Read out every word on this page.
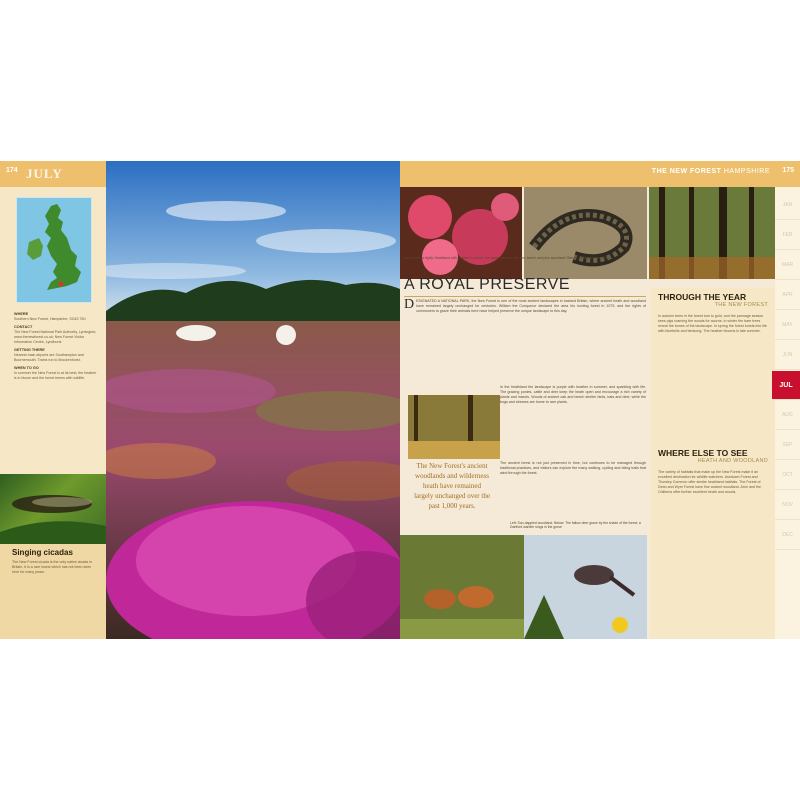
174 JULY
WHERE
Southern New Forest, Hampshire, SO43 7BJ
CONTACT
The New Forest National Park Authority, Lymington; www.thenewforest.co.uk; New Forest Visitor Information Centre, Lyndhurst
GETTING THERE
Nearest main airports are Southampton and Bournemouth. Trains run to Brockenhurst.
WHEN TO GO
In summer the New Forest is at its best; the heather is in bloom and the forest teems with wildlife.
Singing cicadas
The New Forest cicada is the only native cicada in Britain. It is a rare insect which has not been seen here for many years.
THE NEW FOREST HAMPSHIRE 175
Above (left to right): Heathland with heather in bloom; the adder basks in the sun; beech and pine woodland. Below: Heath and woodland
A ROYAL PRESERVE
D ESIGNATED A NATIONAL PARK, the New Forest is one of the most ancient landscapes in lowland Britain, where ancient heath and woodland have remained largely unchanged for centuries. William the Conqueror declared the area his hunting forest in 1079, and the rights of commoners to graze their animals here have helped preserve the unique landscape to this day.
The New Forest's ancient woodlands and wilderness heath have remained largely unchanged over the past 1,000 years.
In the heathland the landscape is purple with heather in summer, and sparkling with life. The grazing ponies, cattle and deer keep the heath open and encourage a rich variety of plants and insects. Woods of ancient oak and beech shelter birds, bats and deer, while the bogs and streams are home to rare plants.
The ancient forest is not just preserved in time, but continues to be managed through traditional practices, and visitors can explore the many walking, cycling and riding trails that wind through the forest.
Left: Sun-dappled woodland. Below: The fallow deer graze by the shade of the forest; a Dartford warbler sings in the gorse
THROUGH THE YEAR
THE NEW FOREST
In autumn trees in the forest turn to gold, and the pannage season sees pigs roaming the woods for acorns. In winter the bare trees reveal the bones of the landscape. In spring the forest bursts into life with bluebells and birdsong. The heather blooms in late summer.
WHERE ELSE TO SEE
HEATH AND WOODLAND
The variety of habitats that make up the New Forest make it an excellent destination for wildlife watchers. Ashdown Forest and Thursley Common offer similar heathland habitats. The Forest of Dean and Wyre Forest have fine ancient woodland. Arne and the Chilterns offer further excellent heath and woods.
JAN
FEB
MAR
APR
MAY
JUN
JUL
AUG
SEP
OCT
NOV
DEC
